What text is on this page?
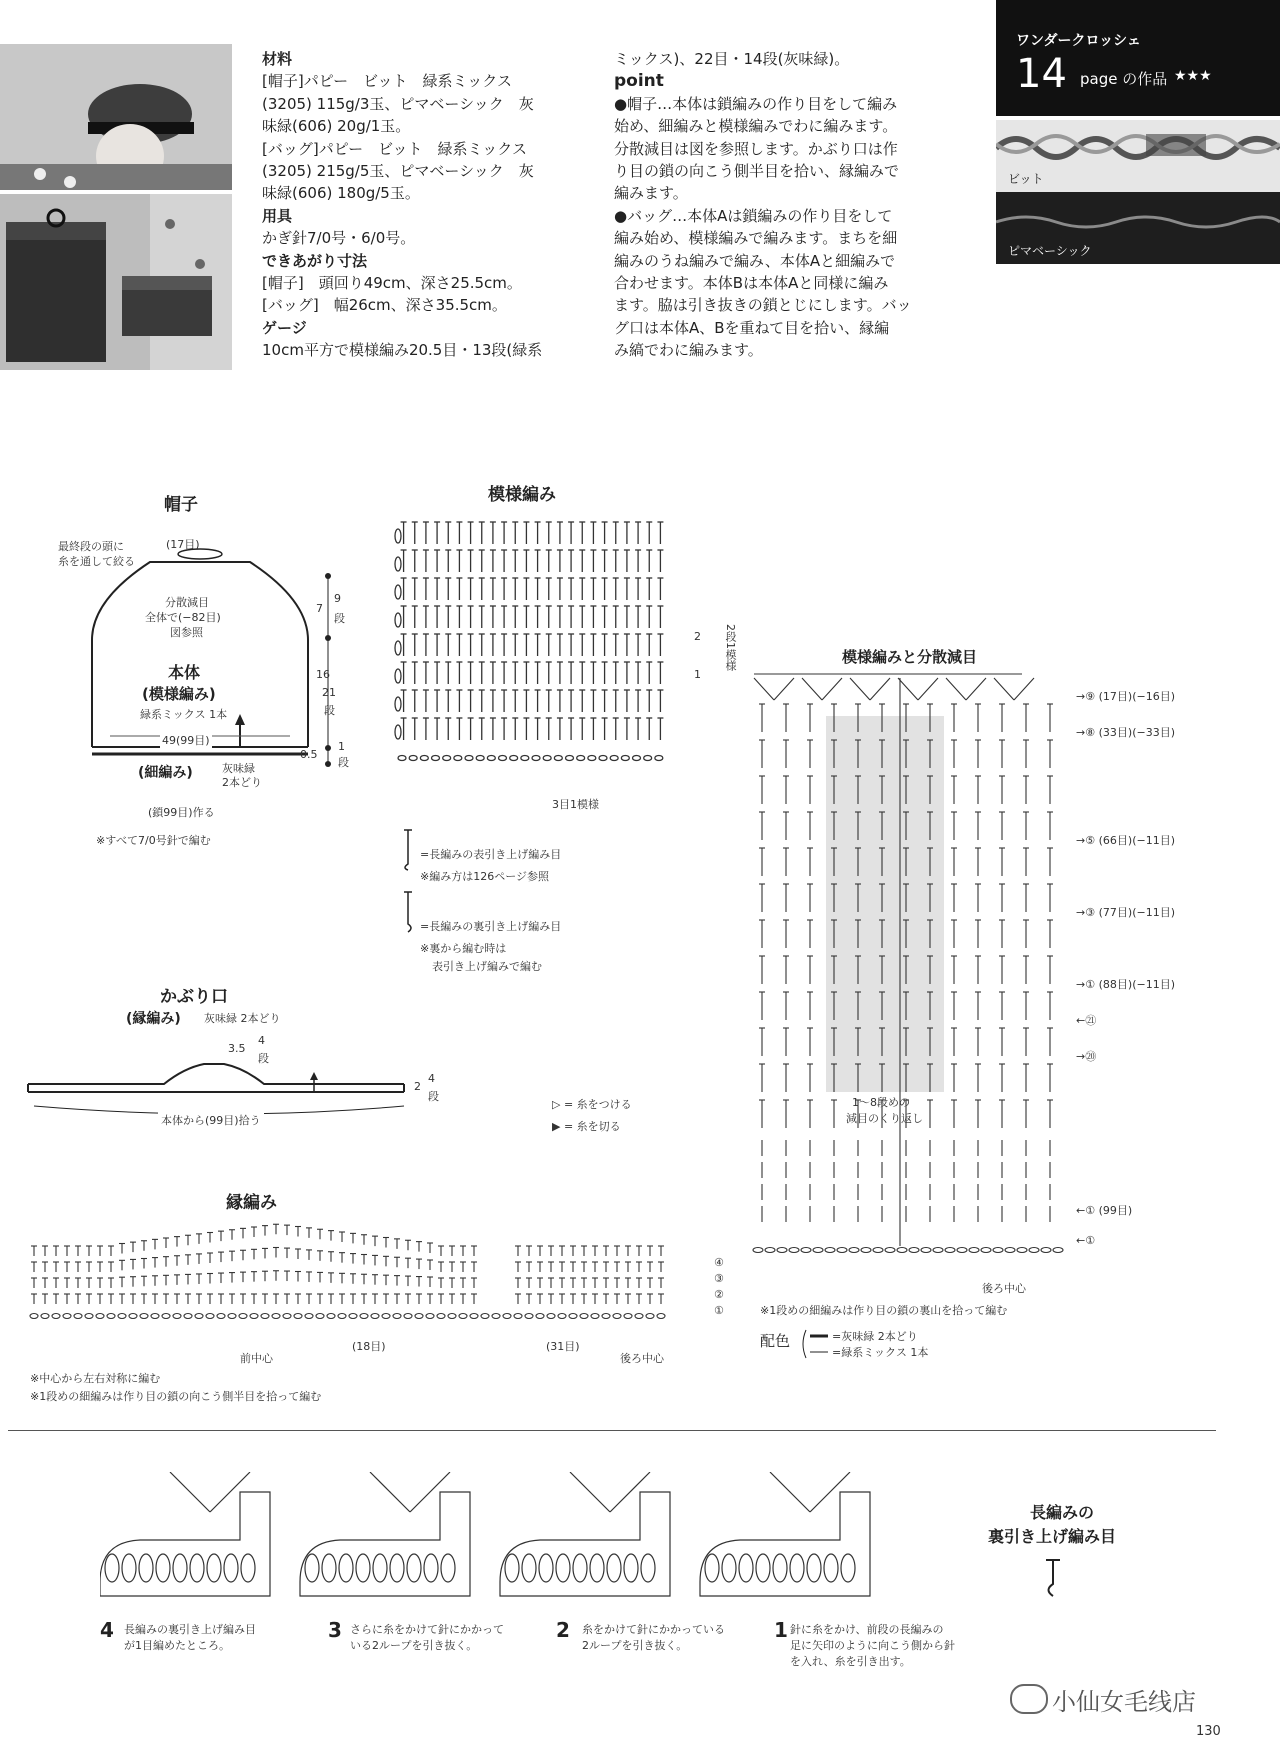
材料
[帽子]パピー　ビット　緑系ミックス
(3205) 115g/3玉、ピマベーシック　灰
味緑(606) 20g/1玉。
[バッグ]パピー　ビット　緑系ミックス
(3205) 215g/5玉、ピマベーシック　灰
味緑(606) 180g/5玉。
用具
かぎ針7/0号・6/0号。
できあがり寸法
[帽子]　頭回り49cm、深さ25.5cm。
[バッグ]　幅26cm、深さ35.5cm。
ゲージ
10cm平方で模様編み20.5目・13段(緑系
ミックス)、22目・14段(灰味緑)。
point
●帽子…本体は鎖編みの作り目をして編み
始め、細編みと模様編みでわに編みます。
分散減目は図を参照します。かぶり口は作
り目の鎖の向こう側半目を拾い、縁編みで
編みます。
●バッグ…本体Aは鎖編みの作り目をして
編み始め、模様編みで編みます。まちを細
編みのうね編みで編み、本体Aと細編みで
合わせます。本体Bは本体Aと同様に編み
ます。脇は引き抜きの鎖とじにします。バッ
グ口は本体A、Bを重ねて目を拾い、縁編
み縞でわに編みます。
ワンダークロッシェ
14 page の作品 ★★★
ビット
ピマベーシック
帽子
最終段の頭に
糸を通して絞る
(17目)
分散減目
全体で(−82目)
図参照
本体
(模様編み)
緑系ミックス 1本
49(99目)
(細編み)	灰味緑
2本どり
(鎖99目)作る
※すべて7/0号針で編む
7
9
段
16
21
段
0.5
1
段
模様編み
3目1模様
2
1
2段1模様
=長編みの表引き上げ編み目
※編み方は126ページ参照
=長編みの裏引き上げ編み目
※裏から編む時は
表引き上げ編みで編む
かぶり口
(縁編み) 灰味緑 2本どり
3.5
4
段
2
4
段
本体から(99目)拾う
▷ = 糸をつける
▶ = 糸を切る
縁編み
④
③
②
①
(18目)	(31目)
前中心	後ろ中心
※中心から左右対称に編む
※1段めの細編みは作り目の鎖の向こう側半目を拾って編む
模様編みと分散減目
→⑨ (17目)(−16目)
→⑧ (33目)(−33目)
→⑤ (66目)(−11目)
→③ (77目)(−11目)
→① (88目)(−11目)
←㉑
→⑳
1〜8段めの
減目のくり返し
←① (99目)
←①
後ろ中心
※1段めの細編みは作り目の鎖の裏山を拾って編む
配色	=灰味緑 2本どり
=緑系ミックス 1本
長編みの
裏引き上げ編み目
4 長編みの裏引き上げ編み目
が1目編めたところ。
3 さらに糸をかけて針にかかって
いる2ループを引き抜く。
2 糸をかけて針にかかっている
2ループを引き抜く。
1 針に糸をかけ、前段の長編みの
足に矢印のように向こう側から針
を入れ、糸を引き出す。
小仙女毛线店
130
